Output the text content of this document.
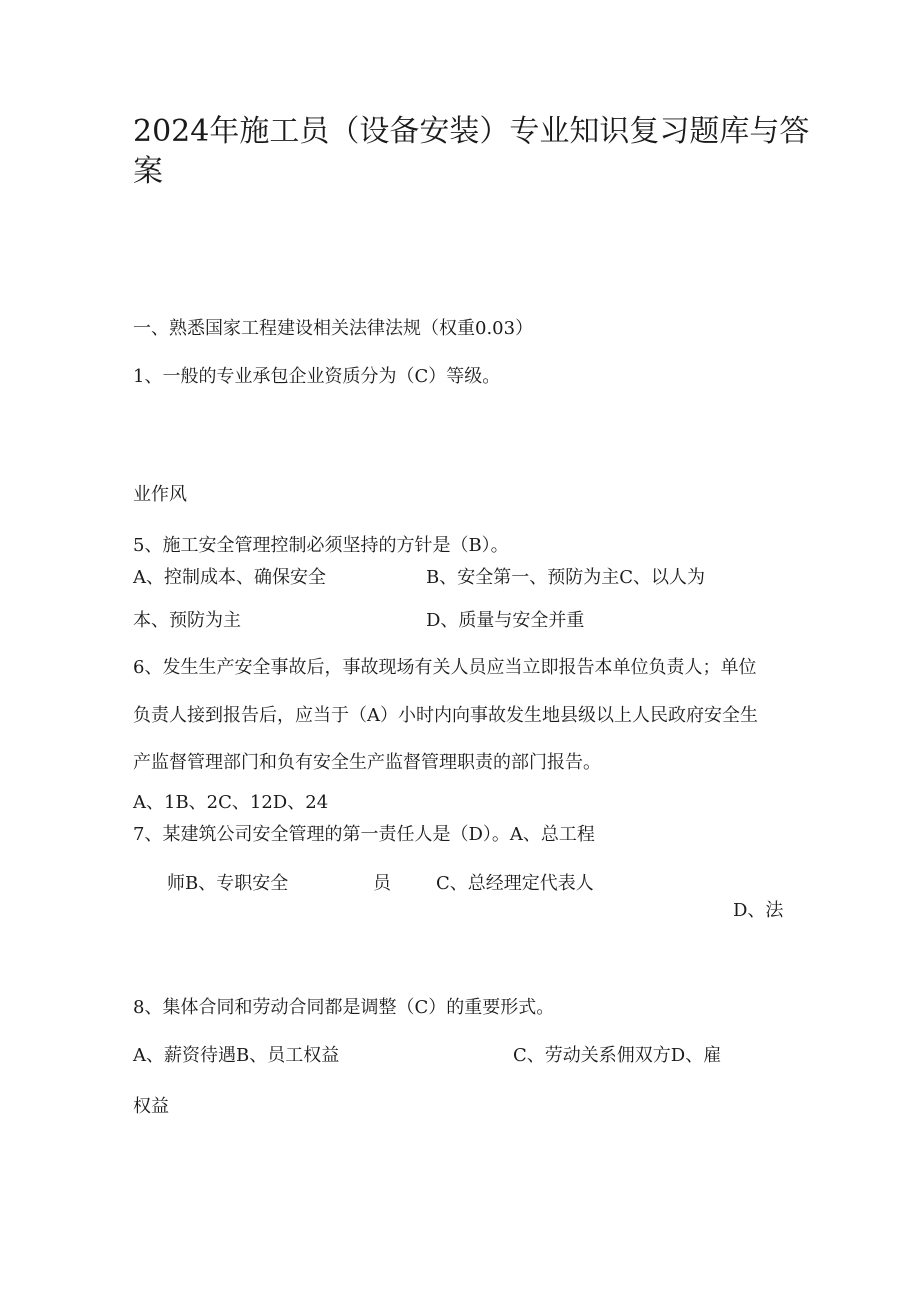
2024年施工员（设备安装）专业知识复习题库与答案
一、熟悉国家工程建设相关法律法规（权重0.03）
1、一般的专业承包企业资质分为（C）等级。
业作风
5、施工安全管理控制必须坚持的方针是（B）。
A、控制成本、确保安全	B、安全第一、预防为主C、以人为
本、预防为主	D、质量与安全并重
6、发生生产安全事故后，事故现场有关人员应当立即报告本单位负责人；单位
负责人接到报告后，应当于（A）小时内向事故发生地县级以上人民政府安全生
产监督管理部门和负有安全生产监督管理职责的部门报告。
A、1B、2C、12D、24
7、某建筑公司安全管理的第一责任人是（D）。A、总工程
师B、专职安全	员	C、总经理定代表人
D、法
8、集体合同和劳动合同都是调整（C）的重要形式。
A、薪资待遇B、员工权益	C、劳动关系佣双方D、雇
权益
